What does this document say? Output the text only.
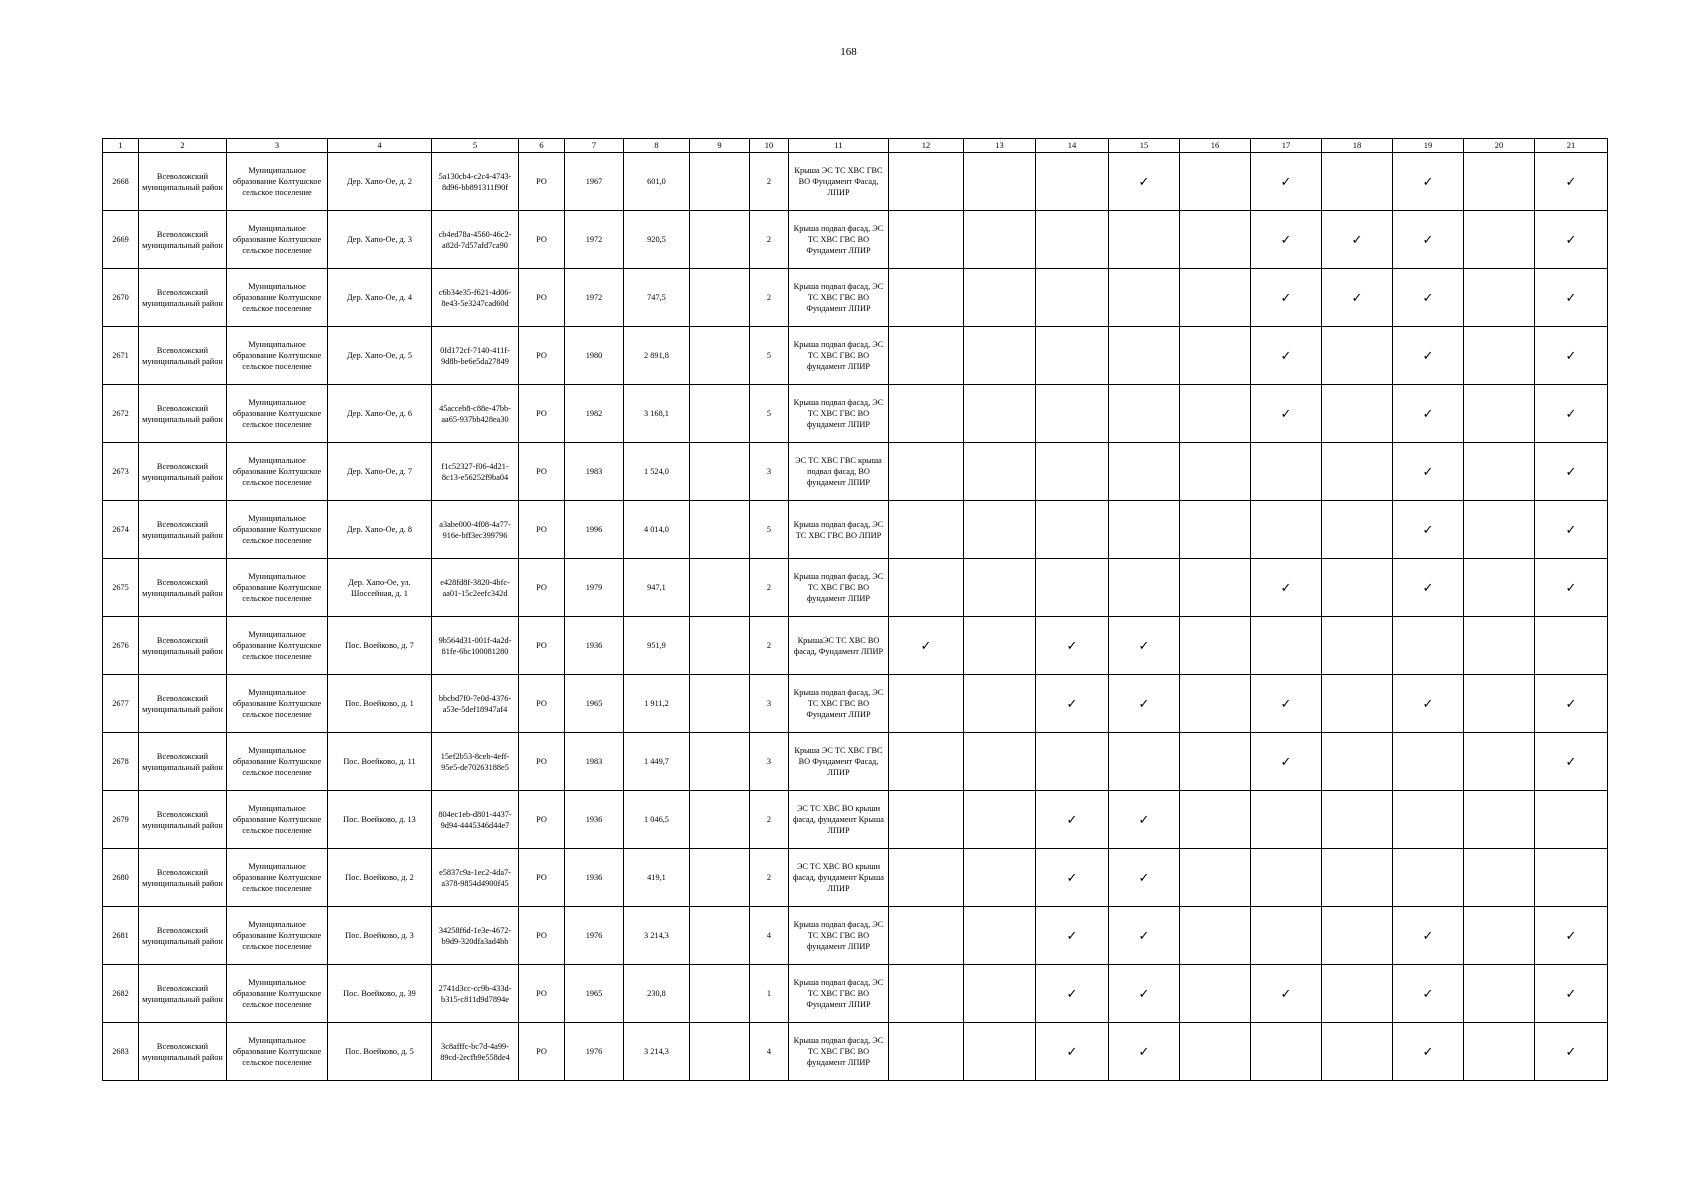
168
1	2	3	4	5	6	7	8	9	10	11	12	13	14	15	16	17	18	19	20	21
2668	Всеволожский муниципальный район	Муниципальное образование Колтушское сельское поселение	Дер. Хапо-Ое, д. 2	5a130cb4-c2c4-4743-8d96-bb891311f90f	РО	1967	601,0		2	Крыша ЭС ТС ХВС ГВС ВО Фундамент Фасад, ЛПИР				✓		✓		✓		✓
2669	Всеволожский муниципальный район	Муниципальное образование Колтушское сельское поселение	Дер. Хапо-Ое, д. 3	cb4ed78a-4560-46c2-a82d-7d57afd7ca90	РО	1972	920,5		2	Крыша подвал фасад, ЭС ТС ХВС ГВС ВО Фундамент ЛПИР						✓	✓	✓		✓
2670	Всеволожский муниципальный район	Муниципальное образование Колтушское сельское поселение	Дер. Хапо-Ое, д. 4	c6b34e35-f621-4d06-8e43-5e3247cad60d	РО	1972	747,5		2	Крыша подвал фасад, ЭС ТС ХВС ГВС ВО Фундамент ЛПИР						✓	✓	✓		✓
2671	Всеволожский муниципальный район	Муниципальное образование Колтушское сельское поселение	Дер. Хапо-Ое, д. 5	0fd172cf-7140-411f-9d8b-be6e5da27849	РО	1980	2 891,8		5	Крыша подвал фасад, ЭС ТС ХВС ГВС ВО фундамент ЛПИР						✓		✓		✓
2672	Всеволожский муниципальный район	Муниципальное образование Колтушское сельское поселение	Дер. Хапо-Ое, д. 6	45acceb8-c88e-47bb-aa65-937bb428ea30	РО	1982	3 168,1		5	Крыша подвал фасад, ЭС ТС ХВС ГВС ВО фундамент ЛПИР						✓		✓		✓
2673	Всеволожский муниципальный район	Муниципальное образование Колтушское сельское поселение	Дер. Хапо-Ое, д. 7	f1c52327-f06-4d21-8c13-e56252f9ba04	РО	1983	1 524,0		3	ЭС ТС ХВС ГВС крыша подвал фасад, ВО фундамент ЛПИР								✓		✓
2674	Всеволожский муниципальный район	Муниципальное образование Колтушское сельское поселение	Дер. Хапо-Ое, д. 8	a3abe000-4f08-4a77-916e-bff3ec399796	РО	1996	4 014,0		5	Крыша подвал фасад, ЭС ТС ХВС ГВС ВО ЛПИР								✓		✓
2675	Всеволожский муниципальный район	Муниципальное образование Колтушское сельское поселение	Дер. Хапо-Ое, ул. Шоссейная, д. 1	e428fd8f-3820-4bfc-aa01-15c2eefc342d	РО	1979	947,1		2	Крыша подвал фасад, ЭС ТС ХВС ГВС ВО фундамент ЛПИР						✓		✓		✓
2676	Всеволожский муниципальный район	Муниципальное образование Колтушское сельское поселение	Пос. Воейково, д. 7	9b564d31-001f-4a2d-81fe-6bc100081280	РО	1936	951,9		2	КрышаЭС ТС ХВС ВО фасад, Фундамент ЛПИР	✓		✓	✓						
2677	Всеволожский муниципальный район	Муниципальное образование Колтушское сельское поселение	Пос. Воейково, д. 1	bbcbd7f0-7e0d-4376-a53e-5def18947af4	РО	1965	1 911,2		3	Крыша подвал фасад, ЭС ТС ХВС ГВС ВО Фундамент ЛПИР			✓	✓		✓		✓		✓
2678	Всеволожский муниципальный район	Муниципальное образование Колтушское сельское поселение	Пос. Воейково, д. 11	15ef2b53-8ceb-4eff-95e5-de70263188e5	РО	1983	1 449,7		3	Крыша ЭС ТС ХВС ГВС ВО Фундамент Фасад, ЛПИР						✓				✓
2679	Всеволожский муниципальный район	Муниципальное образование Колтушское сельское поселение	Пос. Воейково, д. 13	804ec1eb-d801-4437-9d94-4445346d44e7	РО	1936	1 046,5		2	ЭС ТС ХВС ВО крыши фасад, фундамент Крыша ЛПИР			✓	✓						
2680	Всеволожский муниципальный район	Муниципальное образование Колтушское сельское поселение	Пос. Воейково, д. 2	e5837c9a-1ec2-4da7-a378-9854d4900f45	РО	1936	419,1		2	ЭС ТС ХВС ВО крыши фасад, фундамент Крыша ЛПИР			✓	✓						
2681	Всеволожский муниципальный район	Муниципальное образование Колтушское сельское поселение	Пос. Воейково, д. 3	34258f6d-1e3e-4672-b9d9-320dfa3ad4bb	РО	1976	3 214,3		4	Крыша подвал фасад, ЭС ТС ХВС ГВС ВО фундамент ЛПИР			✓	✓				✓		✓
2682	Всеволожский муниципальный район	Муниципальное образование Колтушское сельское поселение	Пос. Воейково, д. 39	2741d3cc-cc9b-433d-b315-c811d9d7894e	РО	1965	230,8		1	Крыша подвал фасад, ЭС ТС ХВС ГВС ВО Фундамент ЛПИР			✓	✓		✓		✓		✓
2683	Всеволожский муниципальный район	Муниципальное образование Колтушское сельское поселение	Пос. Воейково, д. 5	3c8afffc-bc7d-4a99-89cd-2ecfb9e558de4	РО	1976	3 214,3		4	Крыша подвал фасад, ЭС ТС ХВС ГВС ВО фундамент ЛПИР			✓	✓				✓		✓
